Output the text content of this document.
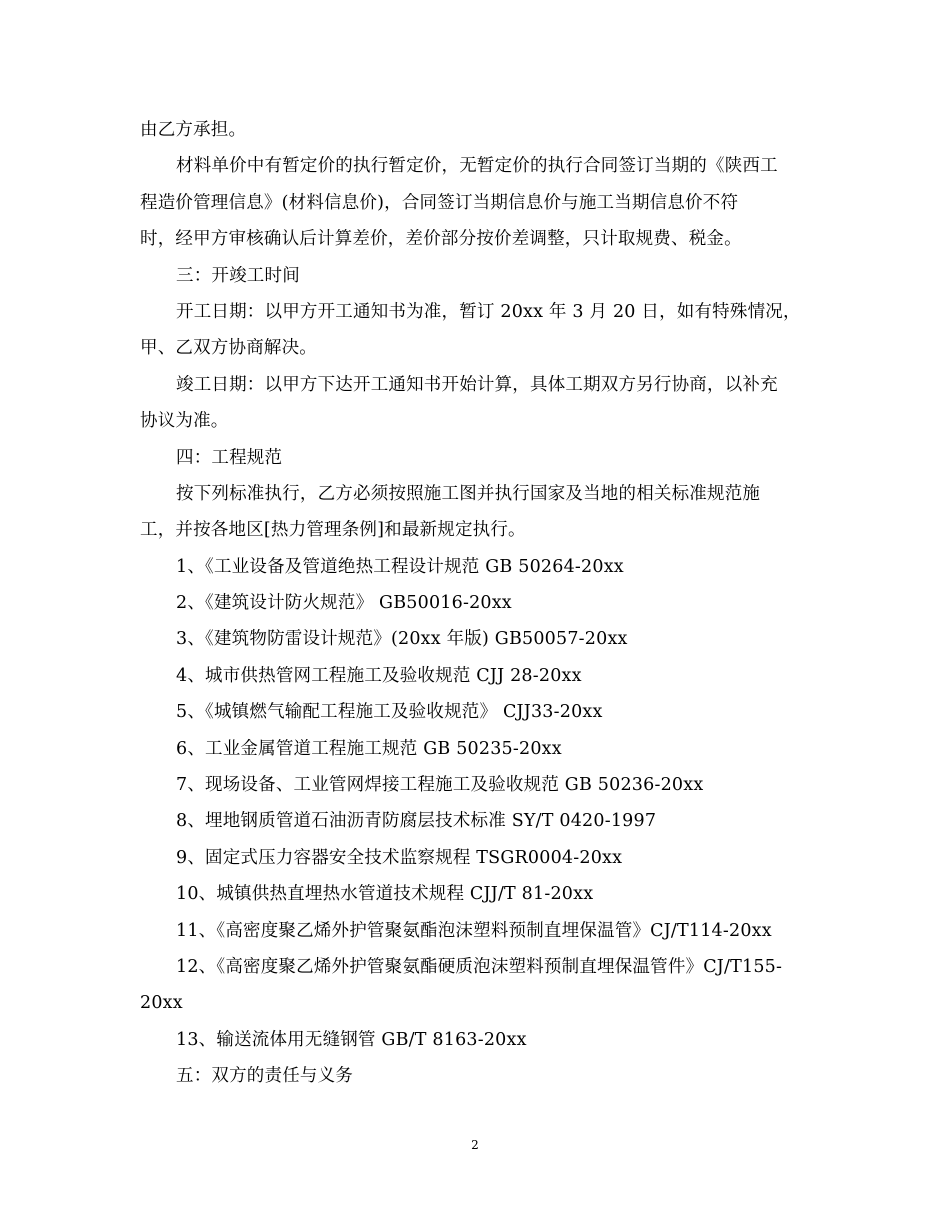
由乙方承担。
材料单价中有暂定价的执行暂定价，无暂定价的执行合同签订当期的《陕西工
程造价管理信息》(材料信息价)，合同签订当期信息价与施工当期信息价不符
时，经甲方审核确认后计算差价，差价部分按价差调整，只计取规费、税金。
三：开竣工时间
开工日期：以甲方开工通知书为准，暂订 20xx 年 3 月 20 日，如有特殊情况，
甲、乙双方协商解决。
竣工日期：以甲方下达开工通知书开始计算，具体工期双方另行协商，以补充
协议为准。
四：工程规范
按下列标准执行，乙方必须按照施工图并执行国家及当地的相关标准规范施
工，并按各地区[热力管理条例]和最新规定执行。
1、《工业设备及管道绝热工程设计规范 GB 50264-20xx
2、《建筑设计防火规范》 GB50016-20xx
3、《建筑物防雷设计规范》(20xx 年版) GB50057-20xx
4、城市供热管网工程施工及验收规范 CJJ 28-20xx
5、《城镇燃气输配工程施工及验收规范》 CJJ33-20xx
6、工业金属管道工程施工规范 GB 50235-20xx
7、现场设备、工业管网焊接工程施工及验收规范 GB 50236-20xx
8、埋地钢质管道石油沥青防腐层技术标准 SY/T 0420-1997
9、固定式压力容器安全技术监察规程 TSGR0004-20xx
10、城镇供热直埋热水管道技术规程 CJJ/T 81-20xx
11、《高密度聚乙烯外护管聚氨酯泡沫塑料预制直埋保温管》CJ/T114-20xx
12、《高密度聚乙烯外护管聚氨酯硬质泡沫塑料预制直埋保温管件》CJ/T155-
20xx
13、输送流体用无缝钢管 GB/T 8163-20xx
五：双方的责任与义务
2
